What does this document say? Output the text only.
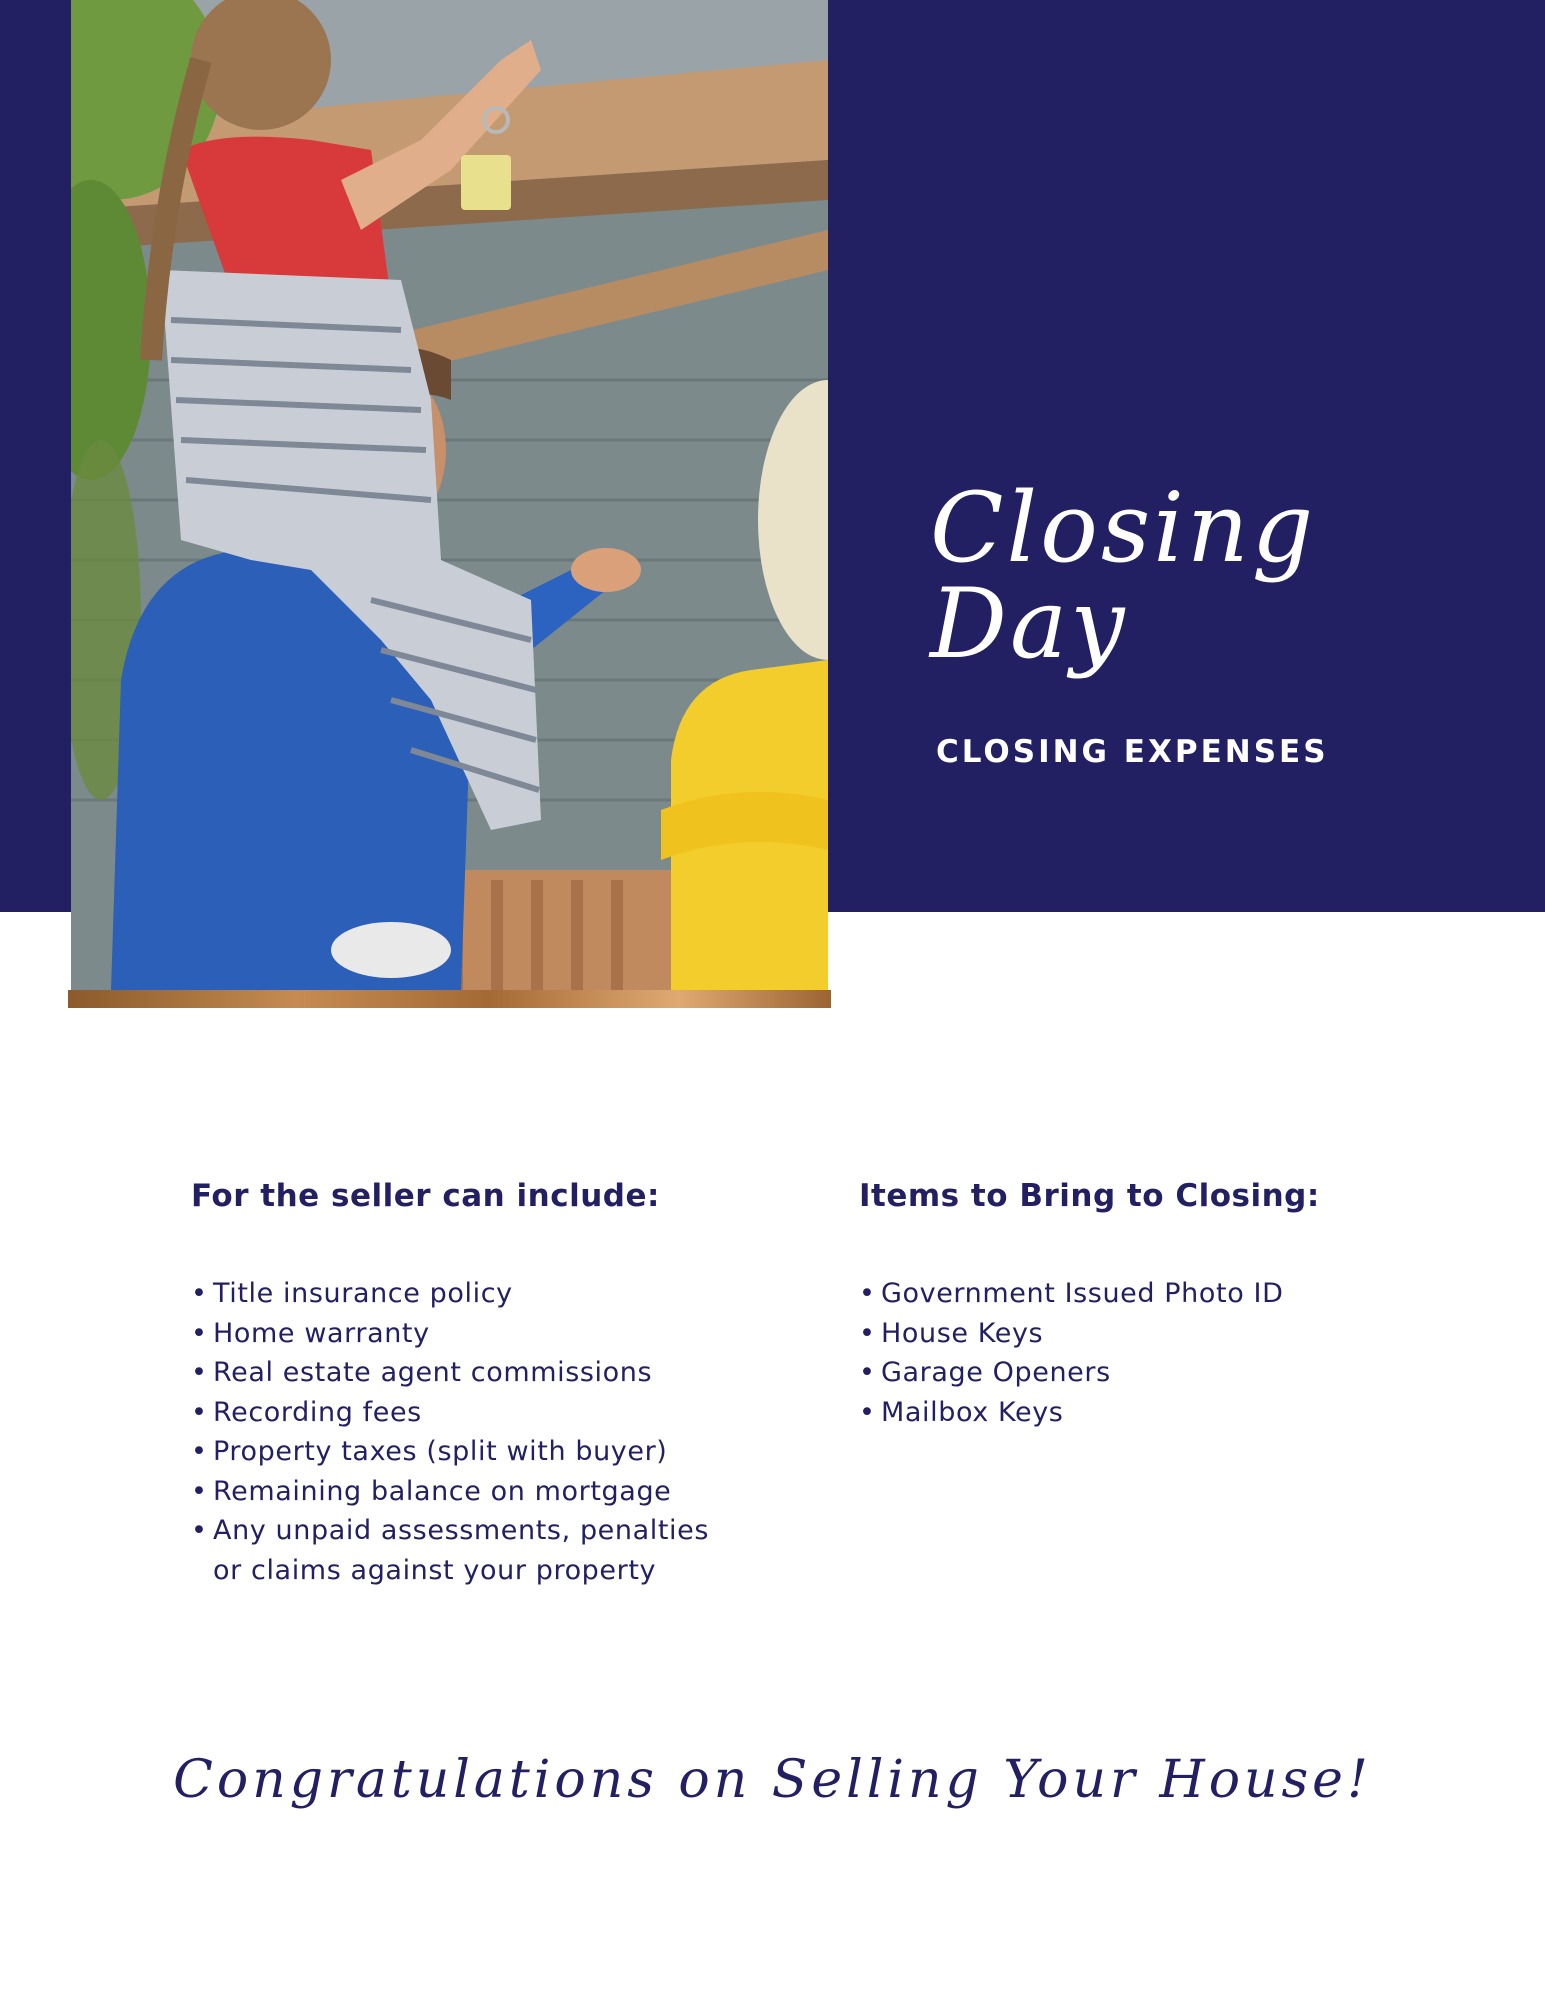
Closing
Day
CLOSING EXPENSES
For the seller can include:
• Title insurance policy
• Home warranty
• Real estate agent commissions
• Recording fees
• Property taxes (split with buyer)
• Remaining balance on mortgage
• Any unpaid assessments, penalties or claims against your property
Items to Bring to Closing:
• Government Issued Photo ID
• House Keys
• Garage Openers
• Mailbox Keys
Congratulations on Selling Your House!
